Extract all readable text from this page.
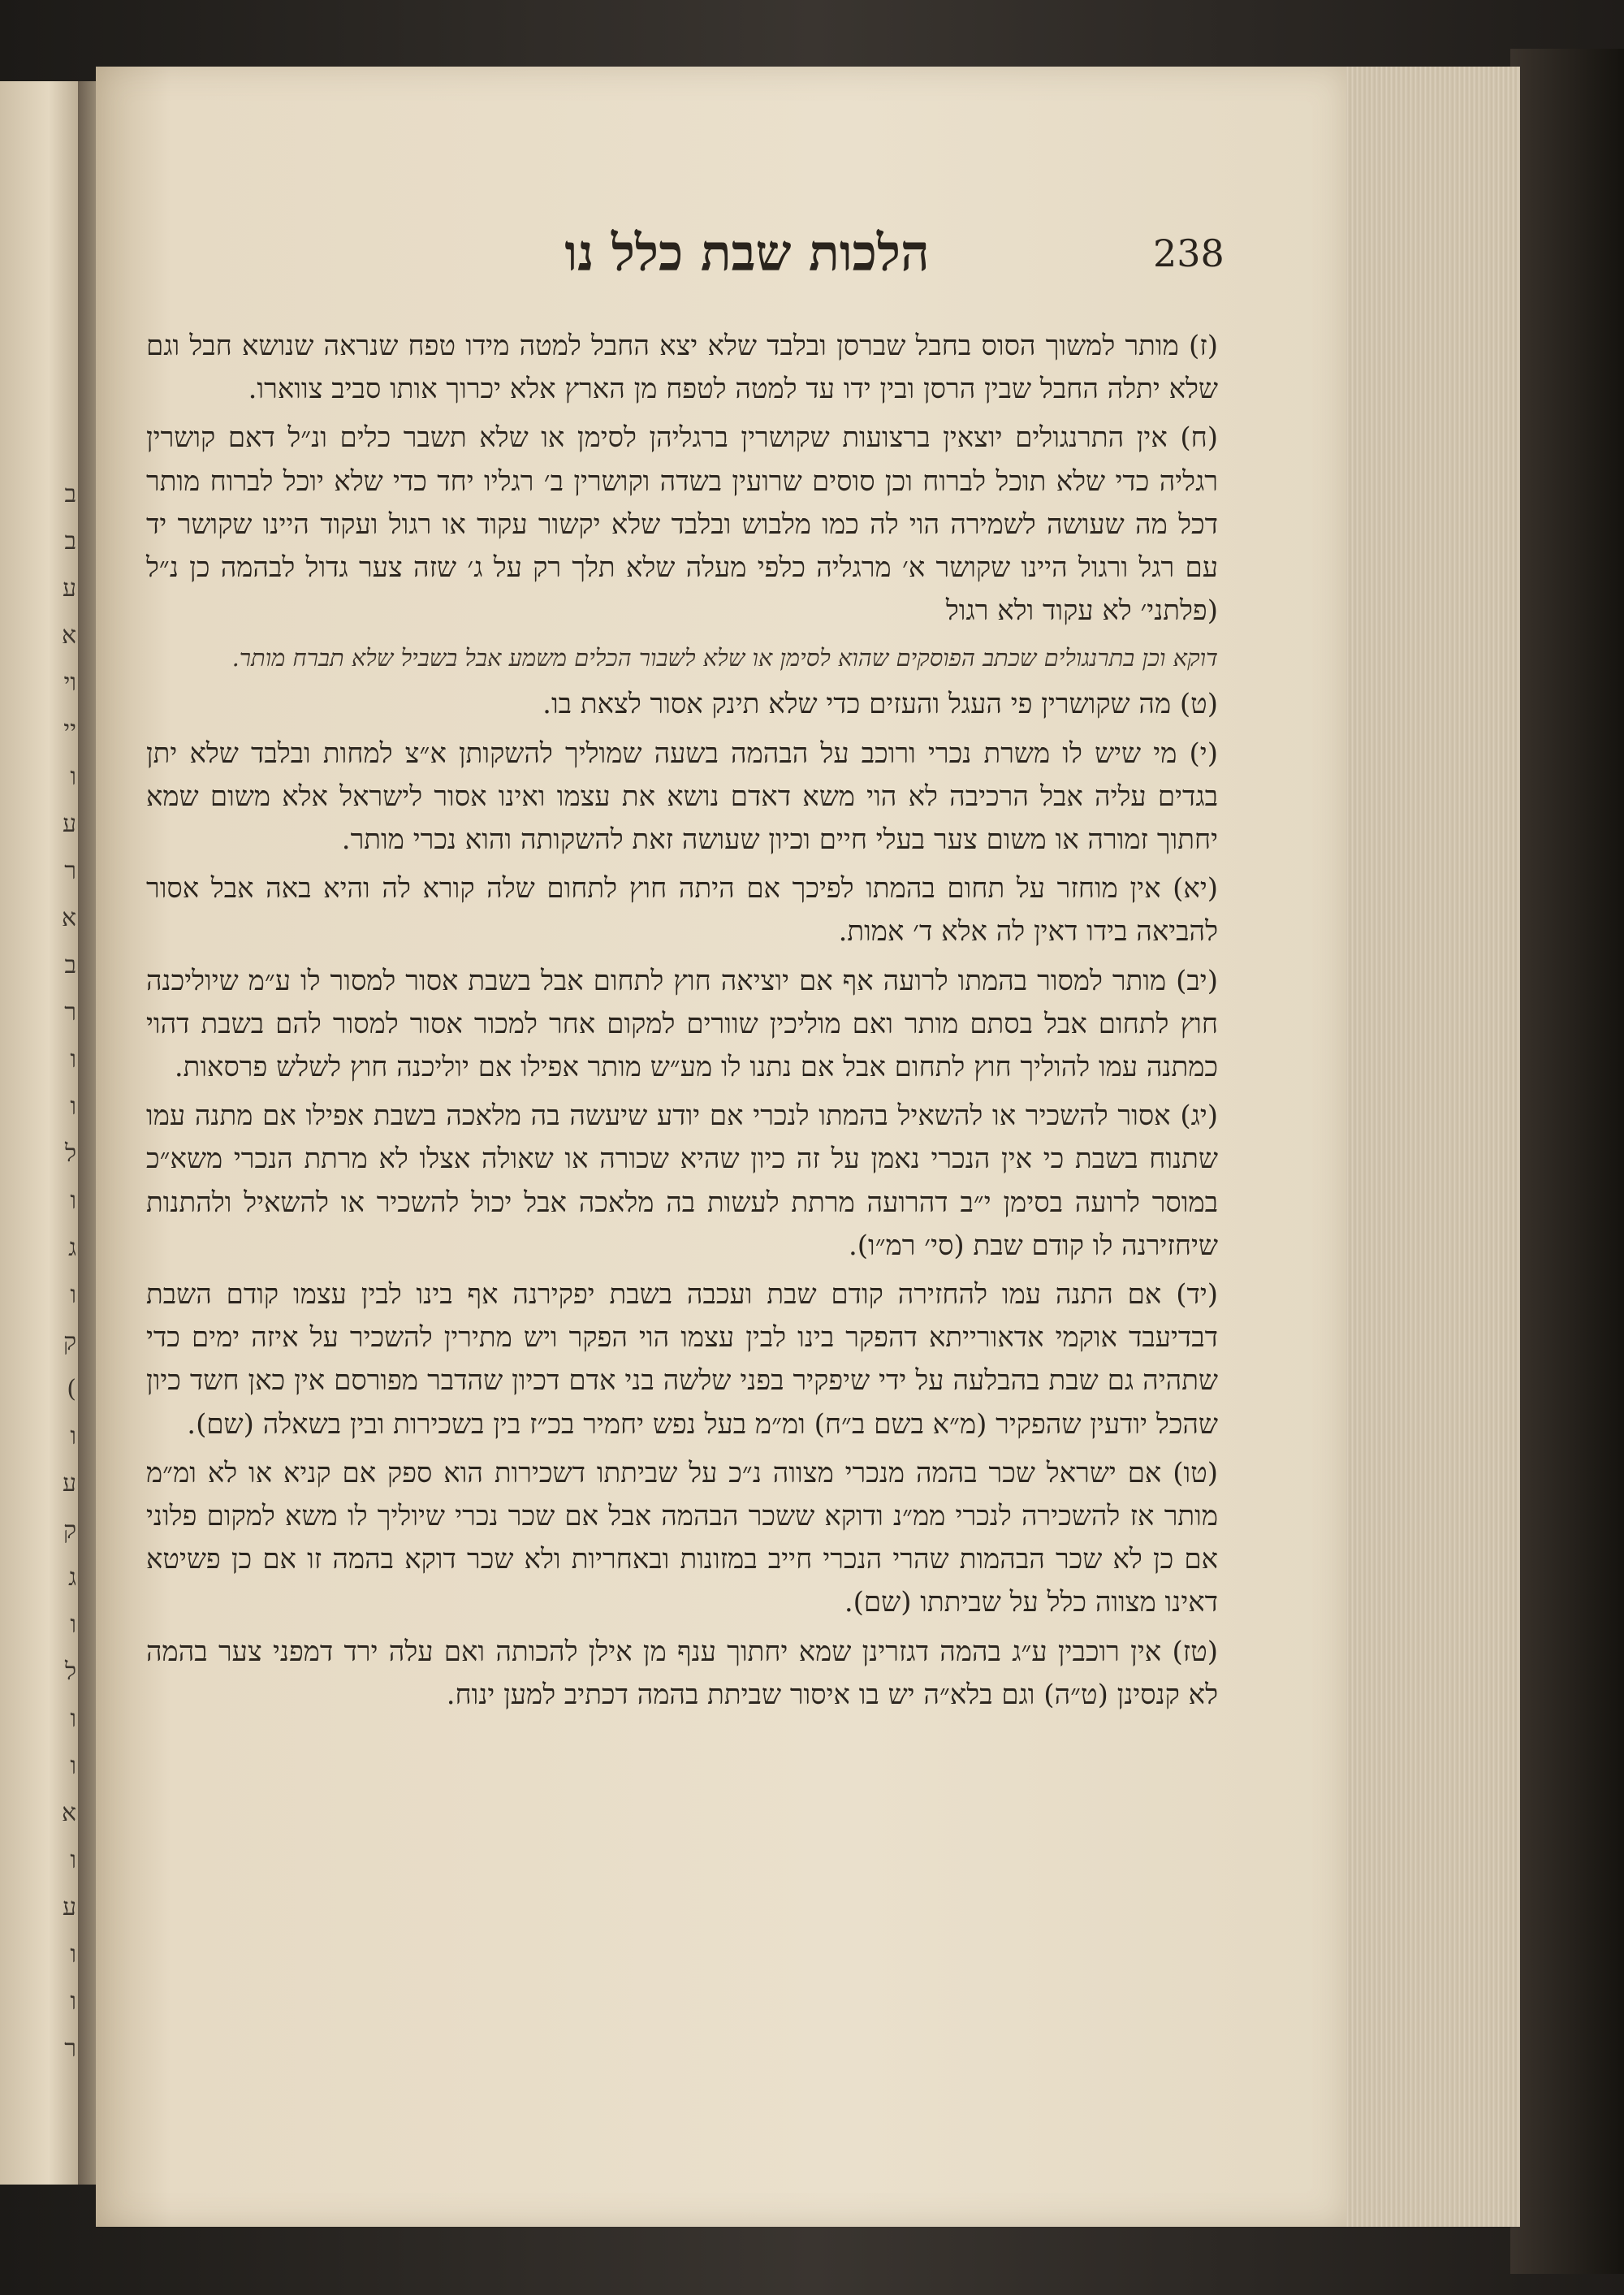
ב
ב
ע
א
וי
יי
ו
ע
ר
א
ב
ר
ו
ו
ל
ו
ג
ו
ק
(
ו
ע
ק
ג
ו
ל
ו
ו
א
ו
ע
ו
ו
ר
238
הלכות שבת כלל נו

(ז) מותר למשוך הסוס בחבל שברסן ובלבד שלא יצא החבל למטה מידו טפח שנראה שנושא חבל וגם שלא יתלה החבל שבין הרסן ובין ידו עד למטה לטפח מן הארץ אלא יכרוך אותו סביב צווארו.

(ח) אין התרנגולים יוצאין ברצועות שקושרין ברגליהן לסימן או שלא תשבר כלים ונ״ל דאם קושרין רגליה כדי שלא תוכל לברוח וכן סוסים שרועין בשדה וקושרין ב׳ רגליו יחד כדי שלא יוכל לברוח מותר דכל מה שעושה לשמירה הוי לה כמו מלבוש ובלבד שלא יקשור עקוד או רגול ועקוד היינו שקושר יד עם רגל ורגול היינו שקושר א׳ מרגליה כלפי מעלה שלא תלך רק על ג׳ שזה צער גדול לבהמה כן נ״ל (פלתני׳ לא עקוד ולא רגול

דוקא וכן בתרנגולים שכתב הפוסקים שהוא לסימן או שלא לשבור הכלים משמע אבל בשביל שלא תברח מותר.

(ט) מה שקושרין פי העגל והעזים כדי שלא תינק אסור לצאת בו.

(י) מי שיש לו משרת נכרי ורוכב על הבהמה בשעה שמוליך להשקותן א״צ למחות ובלבד שלא יתן בגדים עליה אבל הרכיבה לא הוי משא דאדם נושא את עצמו ואינו אסור לישראל אלא משום שמא יחתוך זמורה או משום צער בעלי חיים וכיון שעושה זאת להשקותה והוא נכרי מותר.

(יא) אין מוחזר על תחום בהמתו לפיכך אם היתה חוץ לתחום שלה קורא לה והיא באה אבל אסור להביאה בידו דאין לה אלא ד׳ אמות.

(יב) מותר למסור בהמתו לרועה אף אם יוציאה חוץ לתחום אבל בשבת אסור למסור לו ע״מ שיוליכנה חוץ לתחום אבל בסתם מותר ואם מוליכין שוורים למקום אחר למכור אסור למסור להם בשבת דהוי כמתנה עמו להוליך חוץ לתחום אבל אם נתנו לו מע״ש מותר אפילו אם יוליכנה חוץ לשלש פרסאות.

(יג) אסור להשכיר או להשאיל בהמתו לנכרי אם יודע שיעשה בה מלאכה בשבת אפילו אם מתנה עמו שתנוח בשבת כי אין הנכרי נאמן על זה כיון שהיא שכורה או שאולה אצלו לא מרתת הנכרי משא״כ במוסר לרועה בסימן י״ב דהרועה מרתת לעשות בה מלאכה אבל יכול להשכיר או להשאיל ולהתנות שיחזירנה לו קודם שבת (סי׳ רמ״ו).

(יד) אם התנה עמו להחזירה קודם שבת ועכבה בשבת יפקירנה אף בינו לבין עצמו קודם השבת דבדיעבד אוקמי אדאורייתא דהפקר בינו לבין עצמו הוי הפקר ויש מתירין להשכיר על איזה ימים כדי שתהיה גם שבת בהבלעה על ידי שיפקיר בפני שלשה בני אדם דכיון שהדבר מפורסם אין כאן חשד כיון שהכל יודעין שהפקיר (מ״א בשם ב״ח) ומ״מ בעל נפש יחמיר בכ״ז בין בשכירות ובין בשאלה (שם).

(טו) אם ישראל שכר בהמה מנכרי מצווה נ״כ על שביתתו דשכירות הוא ספק אם קניא או לא ומ״מ מותר אז להשכירה לנכרי ממ״נ ודוקא ששכר הבהמה אבל אם שכר נכרי שיוליך לו משא למקום פלוני אם כן לא שכר הבהמות שהרי הנכרי חייב במזונות ובאחריות ולא שכר דוקא בהמה זו אם כן פשיטא דאינו מצווה כלל על שביתתו (שם).

(טז) אין רוכבין ע״ג בהמה דגזרינן שמא יחתוך ענף מן אילן להכותה ואם עלה ירד דמפני צער בהמה לא קנסינן (ט״ה) וגם בלא״ה יש בו איסור שביתת בהמה דכתיב למען ינוח.
